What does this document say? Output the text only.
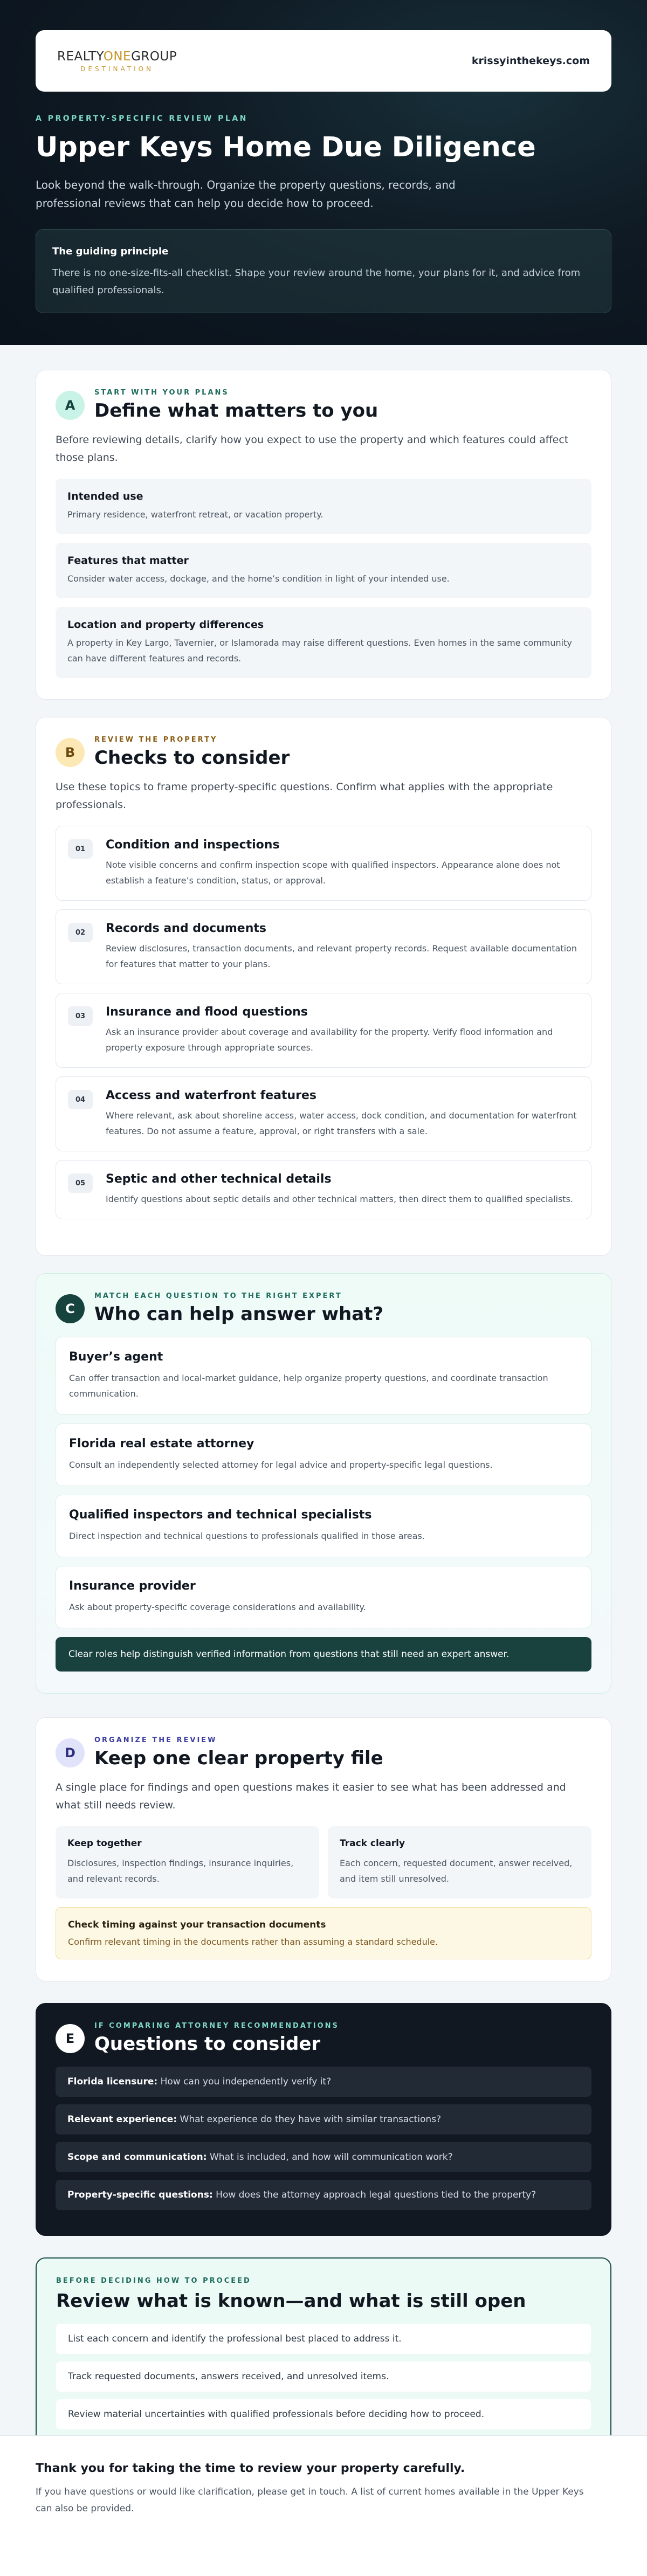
REALTYONEGROUP
DESTINATION
krissyinthekeys.com
A PROPERTY-SPECIFIC REVIEW PLAN
Upper Keys Home Due Diligence

Look beyond the walk-through. Organize the property questions, records, and professional reviews that can help you decide how to proceed.

The guiding principle
There is no one-size-fits-all checklist. Shape your review around the home, your plans for it, and advice from qualified professionals.
A
START WITH YOUR PLANS
Define what matters to you

Before reviewing details, clarify how you expect to use the property and which features could affect those plans.

Intended use
Primary residence, waterfront retreat, or vacation property.
Features that matter
Consider water access, dockage, and the home’s condition in light of your intended use.
Location and property differences
A property in Key Largo, Tavernier, or Islamorada may raise different questions. Even homes in the same community can have different features and records.
B
REVIEW THE PROPERTY
Checks to consider

Use these topics to frame property-specific questions. Confirm what applies with the appropriate professionals.

01	Condition and inspections
Note visible concerns and confirm inspection scope with qualified inspectors. Appearance alone does not establish a feature’s condition, status, or approval.
02	Records and documents
Review disclosures, transaction documents, and relevant property records. Request available documentation for features that matter to your plans.
03	Insurance and flood questions
Ask an insurance provider about coverage and availability for the property. Verify flood information and property exposure through appropriate sources.
04	Access and waterfront features
Where relevant, ask about shoreline access, water access, dock condition, and documentation for waterfront features. Do not assume a feature, approval, or right transfers with a sale.
05	Septic and other technical details
Identify questions about septic details and other technical matters, then direct them to qualified specialists.
C
MATCH EACH QUESTION TO THE RIGHT EXPERT
Who can help answer what?
Buyer’s agent
Can offer transaction and local-market guidance, help organize property questions, and coordinate transaction communication.
Florida real estate attorney
Consult an independently selected attorney for legal advice and property-specific legal questions.
Qualified inspectors and technical specialists
Direct inspection and technical questions to professionals qualified in those areas.
Insurance provider
Ask about property-specific coverage considerations and availability.
Clear roles help distinguish verified information from questions that still need an expert answer.
D
ORGANIZE THE REVIEW
Keep one clear property file

A single place for findings and open questions makes it easier to see what has been addressed and what still needs review.

Keep together
Disclosures, inspection findings, insurance inquiries, and relevant records.
Track clearly
Each concern, requested document, answer received, and item still unresolved.
Check timing against your transaction documents
Confirm relevant timing in the documents rather than assuming a standard schedule.
E
IF COMPARING ATTORNEY RECOMMENDATIONS
Questions to consider
Florida licensure: How can you independently verify it?
Relevant experience: What experience do they have with similar transactions?
Scope and communication: What is included, and how will communication work?
Property-specific questions: How does the attorney approach legal questions tied to the property?
BEFORE DECIDING HOW TO PROCEED
Review what is known—and what is still open
List each concern and identify the professional best placed to address it.
Track requested documents, answers received, and unresolved items.
Review material uncertainties with qualified professionals before deciding how to proceed.
Thank you for taking the time to review your property carefully.
If you have questions or would like clarification, please get in touch. A list of current homes available in the Upper Keys can also be provided.
